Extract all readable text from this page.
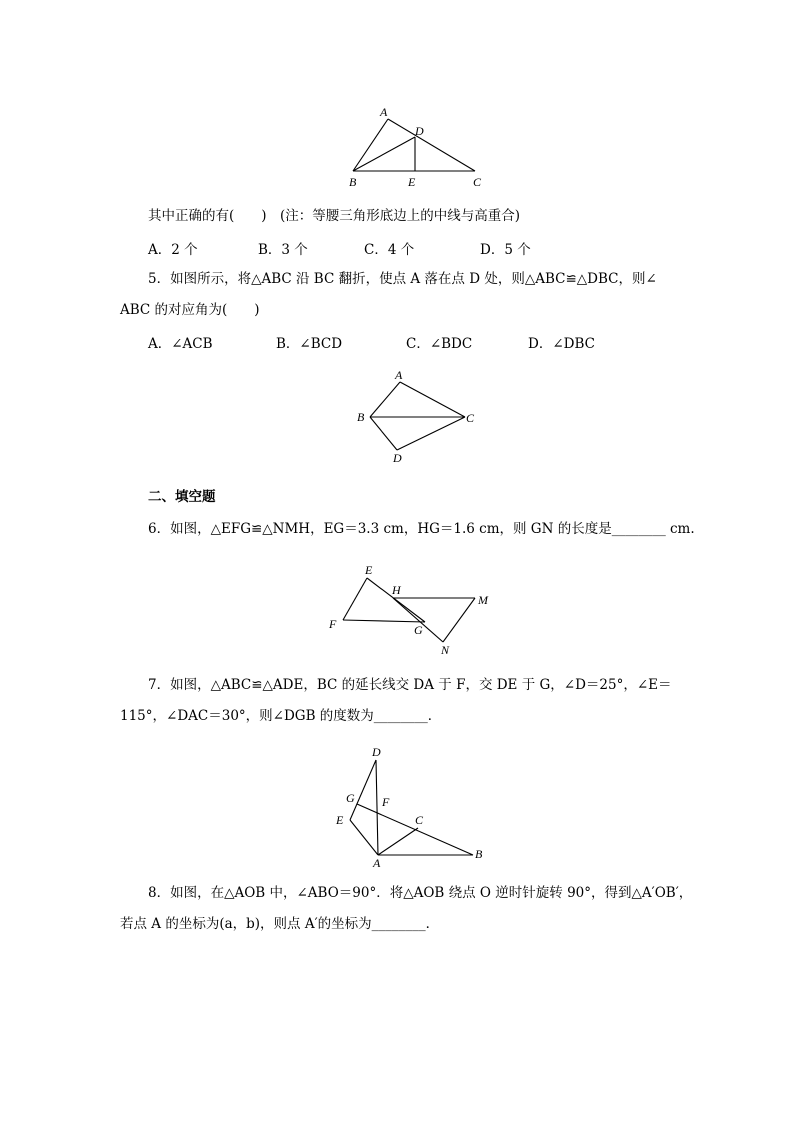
A
D
B	E	C
其中正确的有(　　)　(注：等腰三角形底边上的中线与高重合)
A．2 个	B．3 个	C．4 个	D．5 个
5．如图所示，将△ABC 沿 BC 翻折，使点 A 落在点 D 处，则△ABC≌△DBC，则∠
ABC 的对应角为(　　)
A．∠ACB	B．∠BCD	C．∠BDC	D．∠DBC
A
B	C
D
二、填空题
6．如图，△EFG≌△NMH，EG＝3.3 cm，HG＝1.6 cm，则 GN 的长度是________ cm.
E
H
M
F	G
N
7．如图，△ABC≌△ADE，BC 的延长线交 DA 于 F，交 DE 于 G，∠D＝25°，∠E＝
115°，∠DAC＝30°，则∠DGB 的度数为________．
D
G F
E	C
A
B
8．如图，在△AOB 中，∠ABO＝90°．将△AOB 绕点 O 逆时针旋转 90°，得到△A′OB′，
若点 A 的坐标为(a，b)，则点 A′的坐标为________．
